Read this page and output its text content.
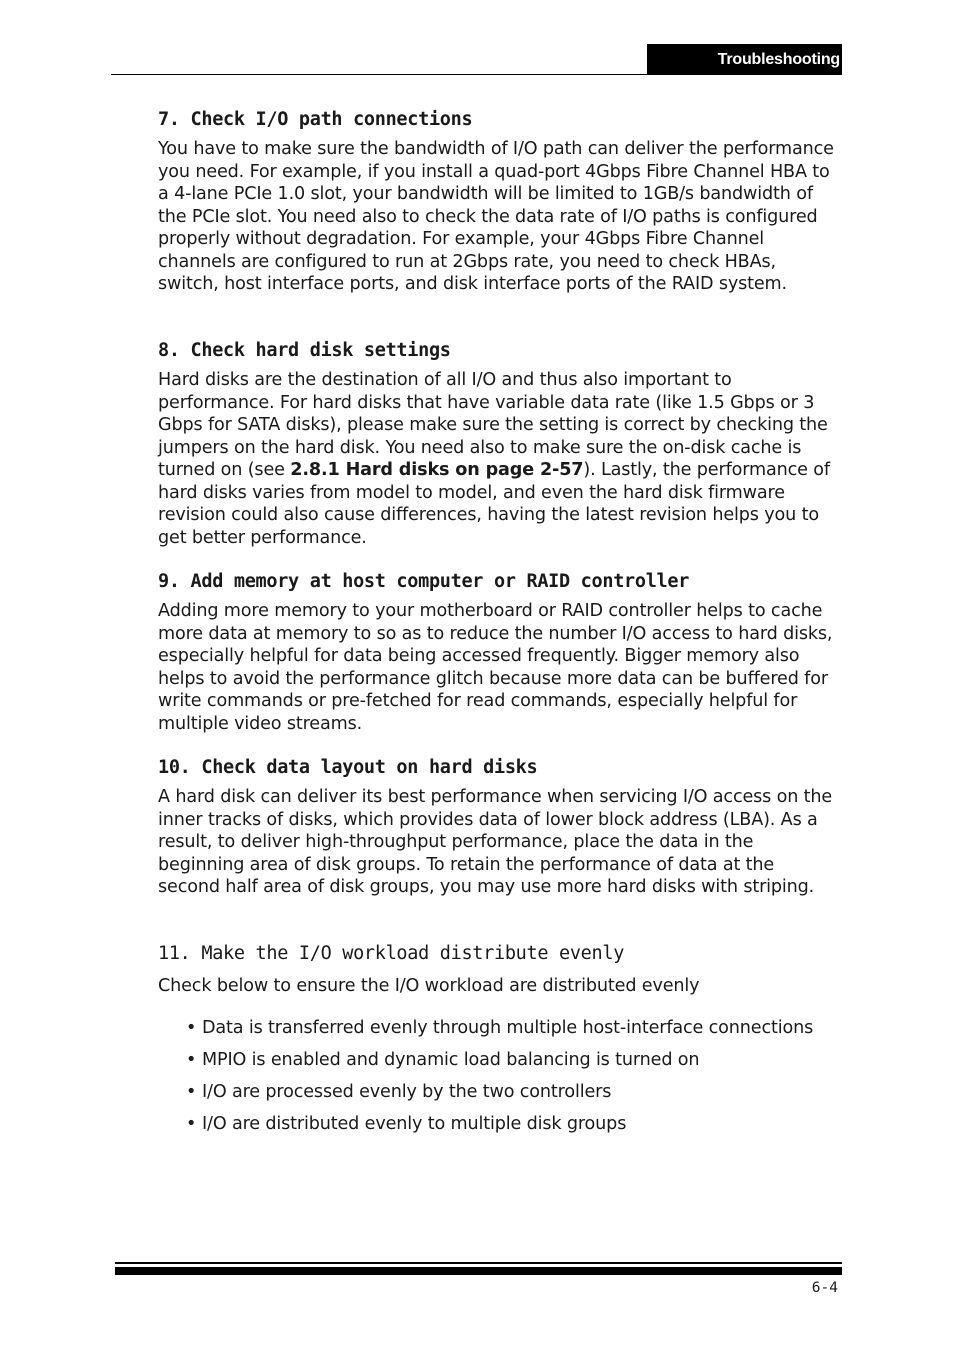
Troubleshooting
7. Check I/O path connections

You have to make sure the bandwidth of I/O path can deliver the performance you need. For example, if you install a quad-port 4Gbps Fibre Channel HBA to a 4-lane PCIe 1.0 slot, your bandwidth will be limited to 1GB/s bandwidth of the PCIe slot. You need also to check the data rate of I/O paths is configured properly without degradation. For example, your 4Gbps Fibre Channel channels are configured to run at 2Gbps rate, you need to check HBAs, switch, host interface ports, and disk interface ports of the RAID system.

8. Check hard disk settings

Hard disks are the destination of all I/O and thus also important to performance. For hard disks that have variable data rate (like 1.5 Gbps or 3 Gbps for SATA disks), please make sure the setting is correct by checking the jumpers on the hard disk. You need also to make sure the on-disk cache is turned on (see 2.8.1 Hard disks on page 2-57). Lastly, the performance of hard disks varies from model to model, and even the hard disk firmware revision could also cause differences, having the latest revision helps you to get better performance.

9. Add memory at host computer or RAID controller

Adding more memory to your motherboard or RAID controller helps to cache more data at memory to so as to reduce the number I/O access to hard disks, especially helpful for data being accessed frequently. Bigger memory also helps to avoid the performance glitch because more data can be buffered for write commands or pre-fetched for read commands, especially helpful for multiple video streams.

10. Check data layout on hard disks

A hard disk can deliver its best performance when servicing I/O access on the inner tracks of disks, which provides data of lower block address (LBA). As a result, to deliver high-throughput performance, place the data in the beginning area of disk groups. To retain the performance of data at the second half area of disk groups, you may use more hard disks with striping.

11. Make the I/O workload distribute evenly

Check below to ensure the I/O workload are distributed evenly

• Data is transferred evenly through multiple host-interface connections
• MPIO is enabled and dynamic load balancing is turned on
• I/O are processed evenly by the two controllers
• I/O are distributed evenly to multiple disk groups
6-4
